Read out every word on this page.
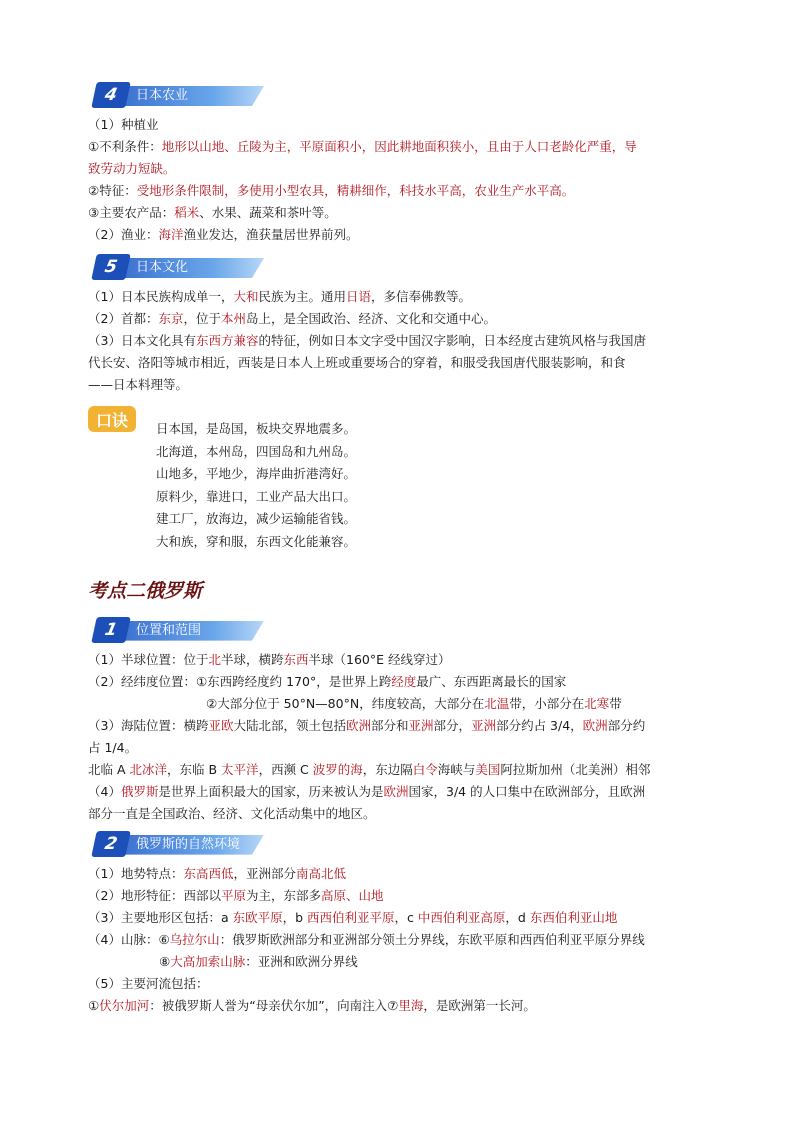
4	日本农业

（1）种植业

①不利条件：地形以山地、丘陵为主，平原面积小，因此耕地面积狭小，且由于人口老龄化严重，导

致劳动力短缺。

②特征：受地形条件限制，多使用小型农具，精耕细作，科技水平高，农业生产水平高。

③主要农产品：稻米、水果、蔬菜和茶叶等。

（2）渔业：海洋渔业发达，渔获量居世界前列。

5	日本文化

（1）日本民族构成单一，大和民族为主。通用日语，多信奉佛教等。

（2）首都：东京，位于本州岛上，是全国政治、经济、文化和交通中心。

（3）日本文化具有东西方兼容的特征，例如日本文字受中国汉字影响，日本经度古建筑风格与我国唐

代长安、洛阳等城市相近，西装是日本人上班或重要场合的穿着，和服受我国唐代服装影响，和食

——日本料理等。

口诀	日本国，是岛国，板块交界地震多。

北海道，本州岛，四国岛和九州岛。

山地多，平地少，海岸曲折港湾好。

原料少，靠进口，工业产品大出口。

建工厂，放海边，减少运输能省钱。

大和族，穿和服，东西文化能兼容。

考点二俄罗斯
1	位置和范围

（1）半球位置：位于北半球，横跨东西半球（160°E 经线穿过）

（2）经纬度位置：①东西跨经度约 170°，是世界上跨经度最广、东西距离最长的国家

②大部分位于 50°N—80°N，纬度较高，大部分在北温带，小部分在北寒带

（3）海陆位置：横跨亚欧大陆北部，领土包括欧洲部分和亚洲部分，亚洲部分约占 3/4，欧洲部分约

占 1/4。

北临 A 北冰洋，东临 B 太平洋，西濒 C 波罗的海，东边隔白令海峡与美国阿拉斯加州（北美洲）相邻

（4）俄罗斯是世界上面积最大的国家，历来被认为是欧洲国家，3/4 的人口集中在欧洲部分，且欧洲

部分一直是全国政治、经济、文化活动集中的地区。

2	俄罗斯的自然环境

（1）地势特点：东高西低，亚洲部分南高北低

（2）地形特征：西部以平原为主，东部多高原、山地

（3）主要地形区包括：a 东欧平原，b 西西伯利亚平原，c 中西伯利亚高原，d 东西伯利亚山地

（4）山脉：⑥乌拉尔山：俄罗斯欧洲部分和亚洲部分领土分界线，东欧平原和西西伯利亚平原分界线

⑧大高加索山脉：亚洲和欧洲分界线

（5）主要河流包括：

①伏尔加河：被俄罗斯人誉为“母亲伏尔加”，向南注入⑦里海，是欧洲第一长河。
